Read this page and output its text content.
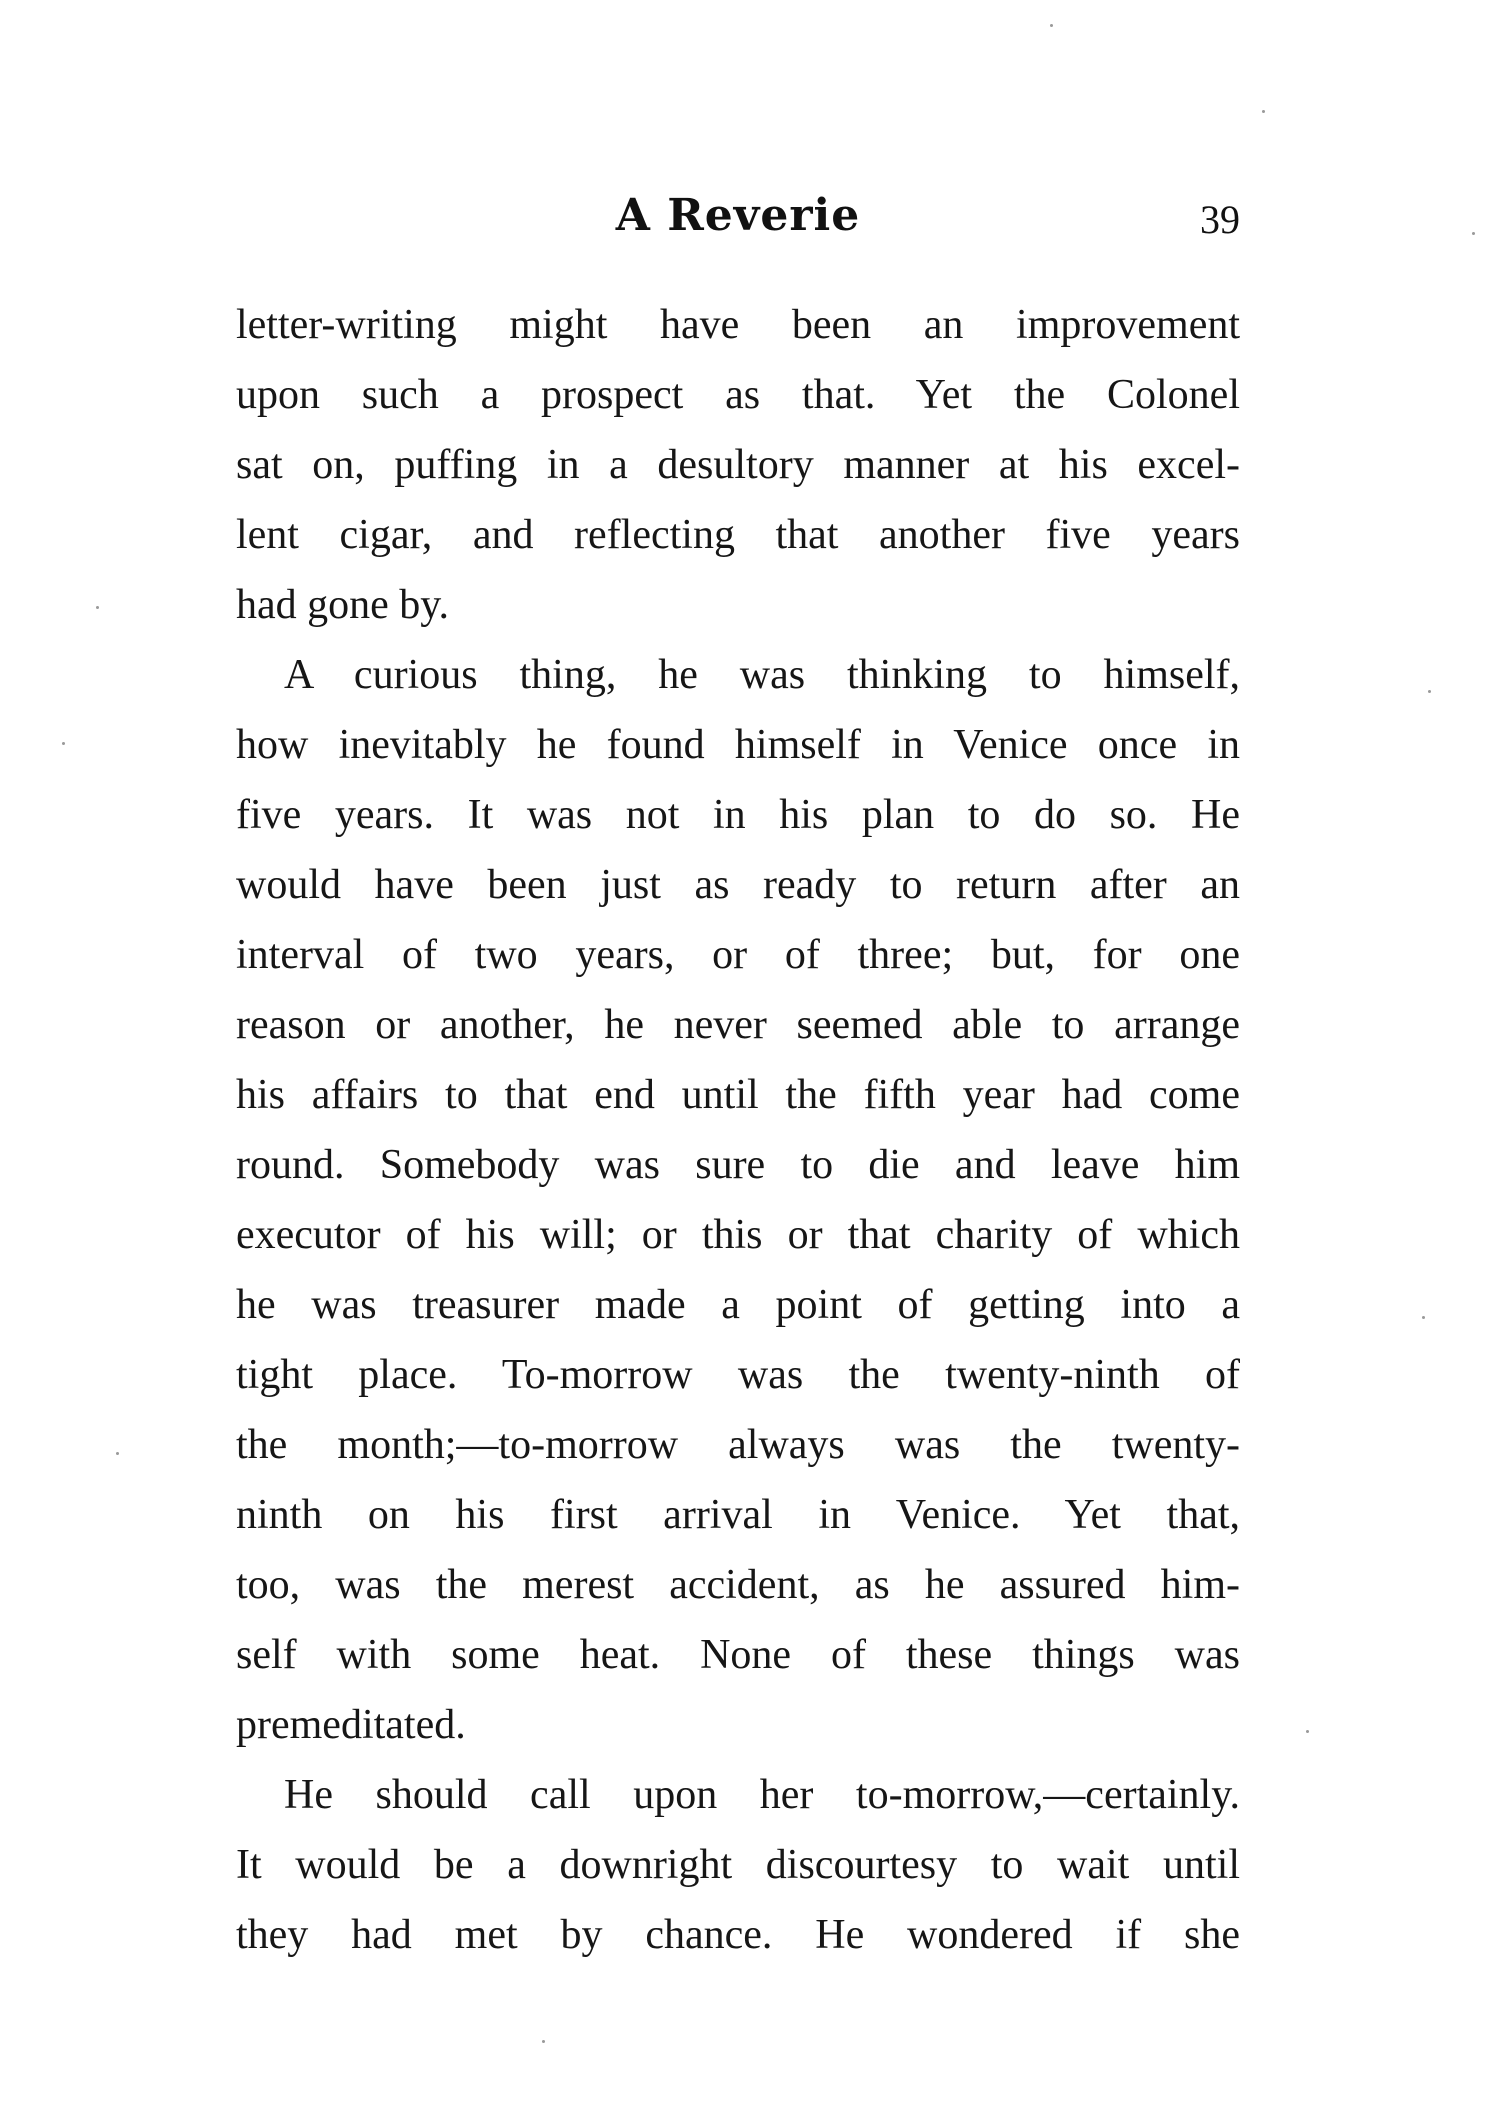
A Reverie	39
letter-writing might have been an improvement
upon such a prospect as that. Yet the Colonel
sat on, puffing in a desultory manner at his excel-
lent cigar, and reflecting that another five years
had gone by.
A curious thing, he was thinking to himself,
how inevitably he found himself in Venice once in
five years. It was not in his plan to do so. He
would have been just as ready to return after an
interval of two years, or of three; but, for one
reason or another, he never seemed able to arrange
his affairs to that end until the fifth year had come
round. Somebody was sure to die and leave him
executor of his will; or this or that charity of which
he was treasurer made a point of getting into a
tight place. To-morrow was the twenty-ninth of
the month;—to-morrow always was the twenty-
ninth on his first arrival in Venice. Yet that,
too, was the merest accident, as he assured him-
self with some heat. None of these things was
premeditated.
He should call upon her to-morrow,—certainly.
It would be a downright discourtesy to wait until
they had met by chance. He wondered if she
